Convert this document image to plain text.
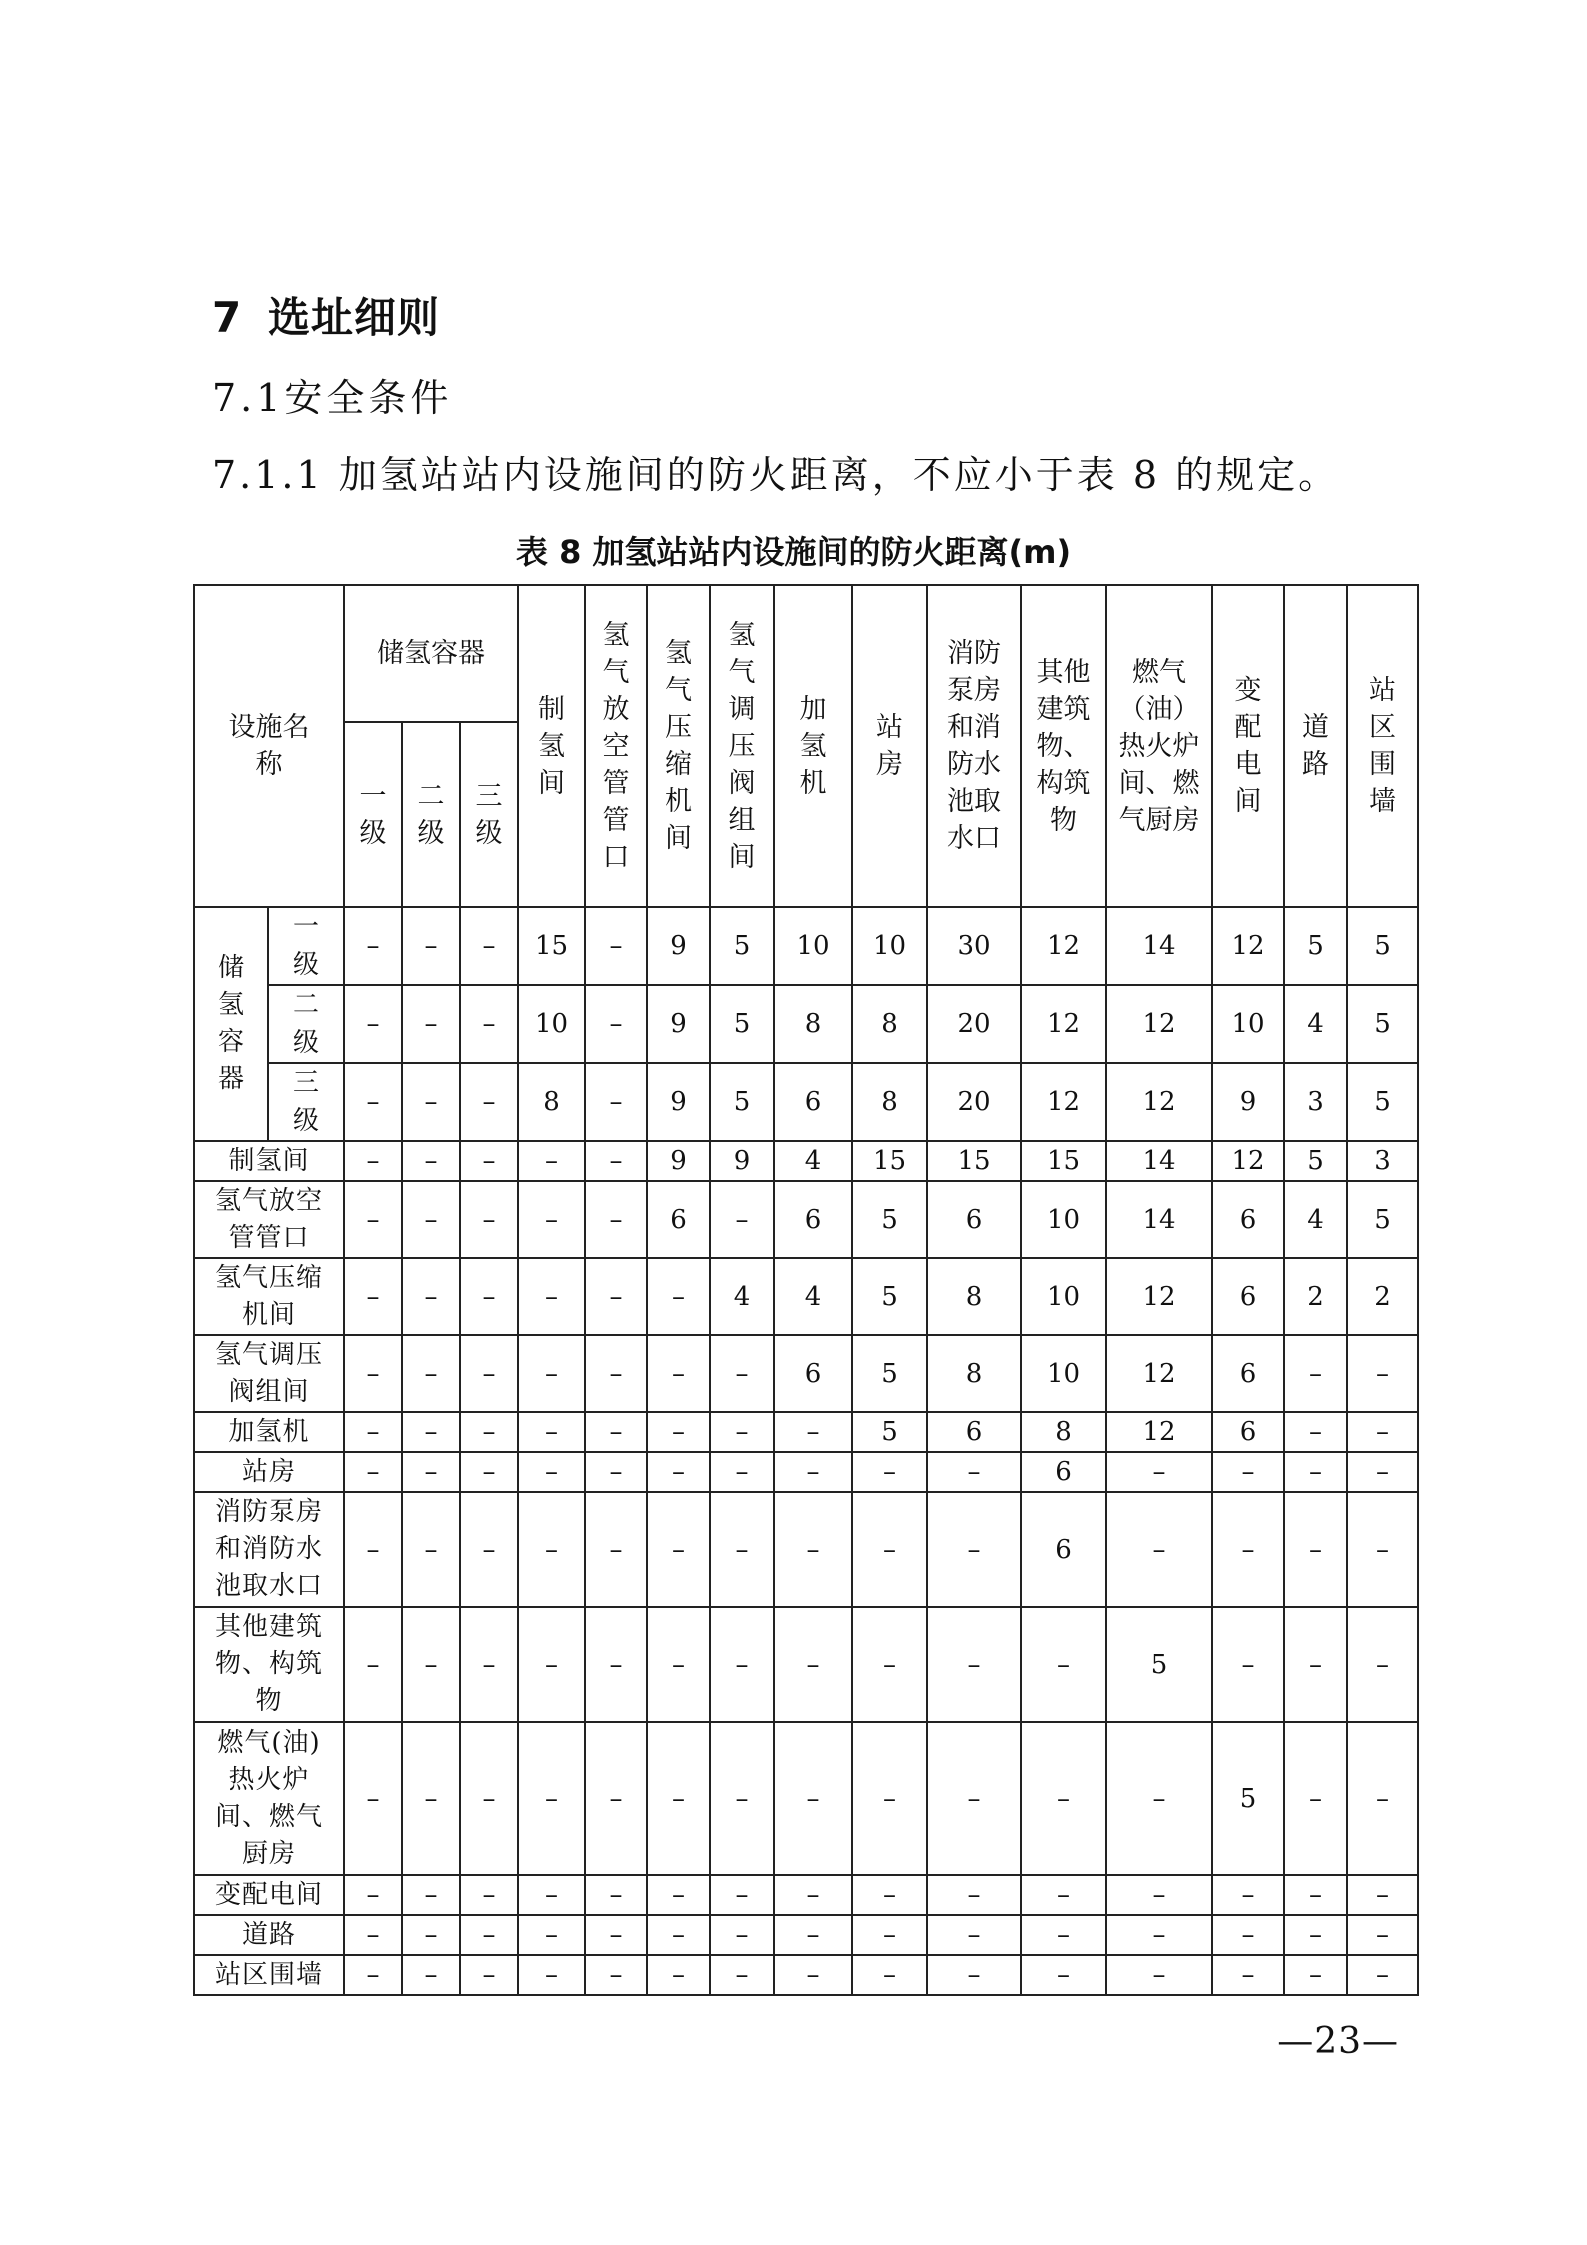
7 选址细则
7.1安全条件
7.1.1 加氢站站内设施间的防火距离，不应小于表 8 的规定。
表 8 加氢站站内设施间的防火距离(m)
设施名称		储氢容器			制氢间	氢气放空管管口	氢气压缩机间	氢气调压阀组间	加氢机	站房	消防泵房和消防水池取水口	其他建筑物、构筑物	燃气（油）热火炉间、燃气厨房	变配电间	道路	站区围墙

		一级	二级	三级												

储氢容器	一级	–	–	–	15	–	9	5	10	10	30	12	14	12	5	5

	二级	–	–	–	10	–	9	5	8	8	20	12	12	10	4	5

	三级	–	–	–	8	–	9	5	6	8	20	12	12	9	3	5

制氢间		–	–	–	–	–	9	9	4	15	15	15	14	12	5	3

氢气放空管管口		–	–	–	–	–	6	–	6	5	6	10	14	6	4	5

氢气压缩机间		–	–	–	–	–	–	4	4	5	8	10	12	6	2	2

氢气调压阀组间		–	–	–	–	–	–	–	6	5	8	10	12	6	–	–

加氢机		–	–	–	–	–	–	–	–	5	6	8	12	6	–	–

站房		–	–	–	–	–	–	–	–	–	–	6	–	–	–	–

消防泵房和消防水池取水口		–	–	–	–	–	–	–	–	–	–	6	–	–	–	–

其他建筑物、构筑物		–	–	–	–	–	–	–	–	–	–	–	5	–	–	–

燃气(油)热火炉间、燃气厨房		–	–	–	–	–	–	–	–	–	–	–	–	5	–	–

变配电间		–	–	–	–	–	–	–	–	–	–	–	–	–	–	–

道路		–	–	–	–	–	–	–	–	–	–	–	–	–	–	–

站区围墙		–	–	–	–	–	–	–	–	–	–	–	–	–	–	–
—23—
